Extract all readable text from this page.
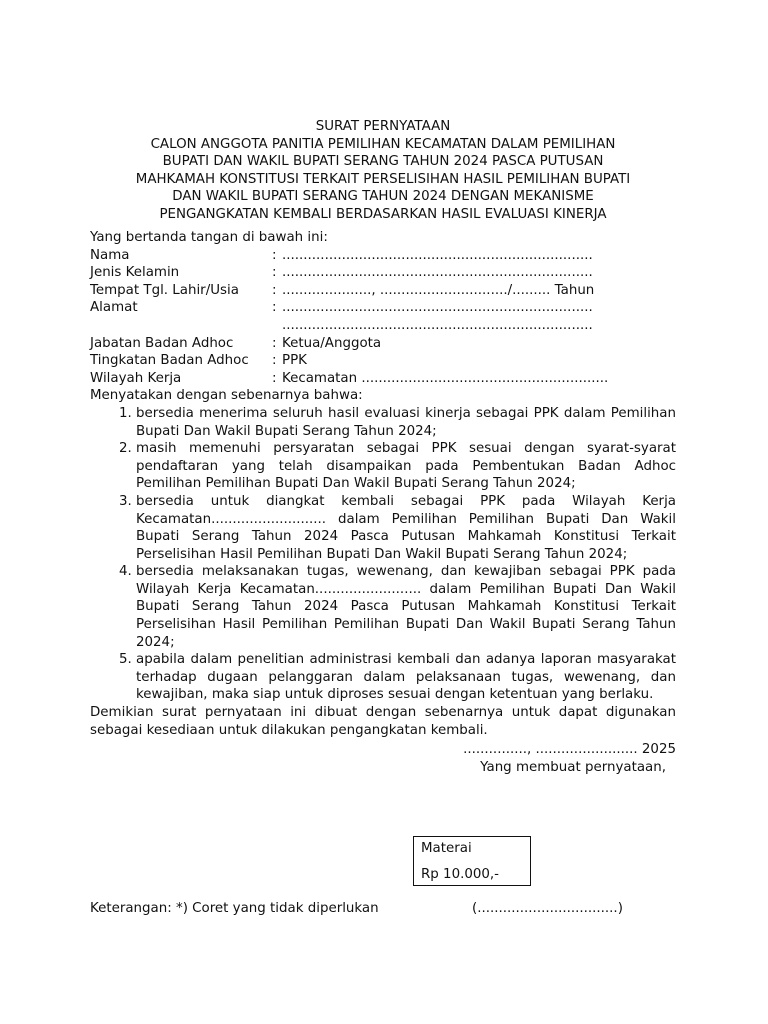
SURAT PERNYATAAN
CALON ANGGOTA PANITIA PEMILIHAN KECAMATAN DALAM PEMILIHAN
BUPATI DAN WAKIL BUPATI SERANG TAHUN 2024 PASCA PUTUSAN
MAHKAMAH KONSTITUSI TERKAIT PERSELISIHAN HASIL PEMILIHAN BUPATI
DAN WAKIL BUPATI SERANG TAHUN 2024 DENGAN MEKANISME
PENGANGKATAN KEMBALI BERDASARKAN HASIL EVALUASI KINERJA
Yang bertanda tangan di bawah ini:
Nama	:	.........................................................................
Jenis Kelamin	:	.........................................................................
Tempat Tgl. Lahir/Usia	:	....................., ............................../......... Tahun
Alamat	:	.........................................................................
		.........................................................................
Jabatan Badan Adhoc	:	Ketua/Anggota
Tingkatan Badan Adhoc	:	PPK
Wilayah Kerja	:	Kecamatan ..........................................................
Menyatakan dengan sebenarnya bahwa:
1. bersedia menerima seluruh hasil evaluasi kinerja sebagai PPK dalam Pemilihan Bupati Dan Wakil Bupati Serang Tahun 2024;
2. masih memenuhi persyaratan sebagai PPK sesuai dengan syarat-syarat pendaftaran yang telah disampaikan pada Pembentukan Badan Adhoc Pemilihan Pemilihan Bupati Dan Wakil Bupati Serang Tahun 2024;
3. bersedia untuk diangkat kembali sebagai PPK pada Wilayah Kerja Kecamatan........................... dalam Pemilihan Pemilihan Bupati Dan Wakil Bupati Serang Tahun 2024 Pasca Putusan Mahkamah Konstitusi Terkait Perselisihan Hasil Pemilihan Bupati Dan Wakil Bupati Serang Tahun 2024;
4. bersedia melaksanakan tugas, wewenang, dan kewajiban sebagai PPK pada Wilayah Kerja Kecamatan......................... dalam Pemilihan Bupati Dan Wakil Bupati Serang Tahun 2024 Pasca Putusan Mahkamah Konstitusi Terkait Perselisihan Hasil Pemilihan Pemilihan Bupati Dan Wakil Bupati Serang Tahun 2024;
5. apabila dalam penelitian administrasi kembali dan adanya laporan masyarakat terhadap dugaan pelanggaran dalam pelaksanaan tugas, wewenang, dan kewajiban, maka siap untuk diproses sesuai dengan ketentuan yang berlaku.
Demikian surat pernyataan ini dibuat dengan sebenarnya untuk dapat digunakan sebagai kesediaan untuk dilakukan pengangkatan kembali.
..............., ........................ 2025
Yang membuat pernyataan,
Materai
Rp 10.000,-
Keterangan: *) Coret yang tidak diperlukan	(.................................)
